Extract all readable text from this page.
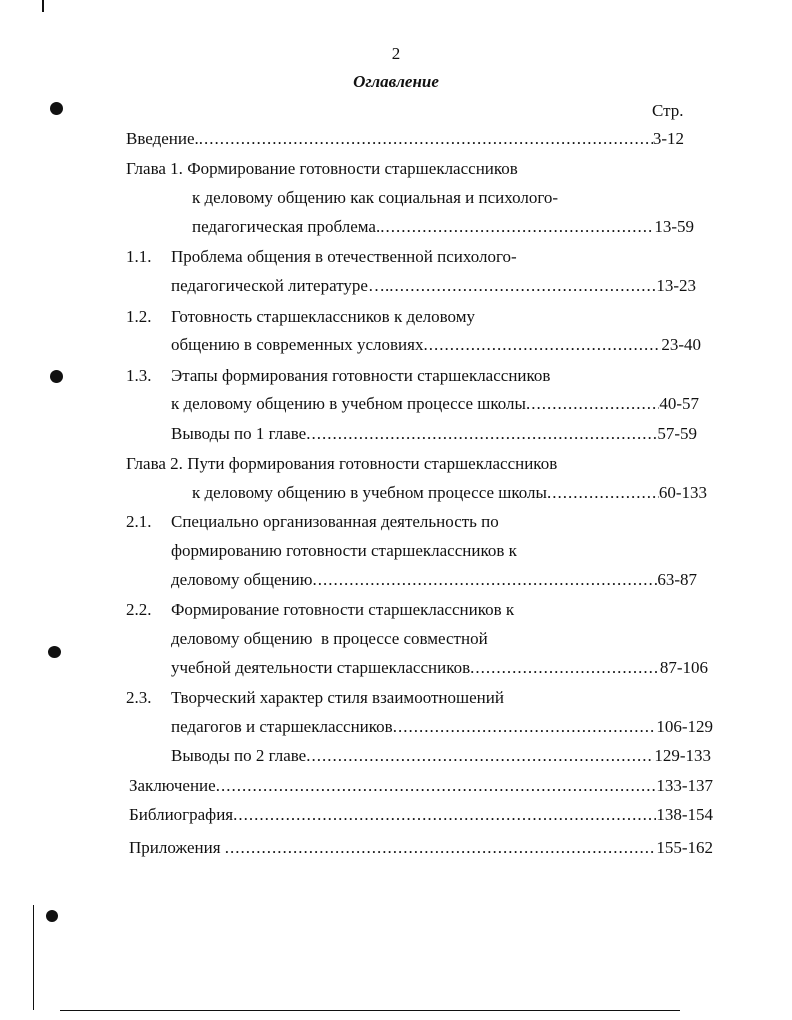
2
Оглавление
Стр.
Введение. .....	3-12
Глава 1. Формирование готовности старшеклассников
к деловому общению как социальная и психолого-
педагогическая проблема. .....	13-59
1.1. Проблема общения в отечественной психолого-
педагогической литературе…. .....	13-23
1.2. Готовность старшеклассников к деловому
общению в современных условиях .....	23-40
1.3. Этапы формирования готовности старшеклассников
к деловому общению в учебном процессе школы .....	40-57
Выводы по 1 главе .....	57-59
Глава 2. Пути формирования готовности старшеклассников
к деловому общению в учебном процессе школы .....	60-133
2.1. Специально организованная деятельность по
формированию готовности старшеклассников к
деловому общению .....	63-87
2.2. Формирование готовности старшеклассников к
деловому общению  в процессе совместной
учебной деятельности старшеклассников .....	87-106
2.3. Творческий характер стиля взаимоотношений
педагогов и старшеклассников .....	106-129
Выводы по 2 главе .....	129-133
Заключение .....	133-137
Библиография .....	138-154
Приложения .....	155-162
